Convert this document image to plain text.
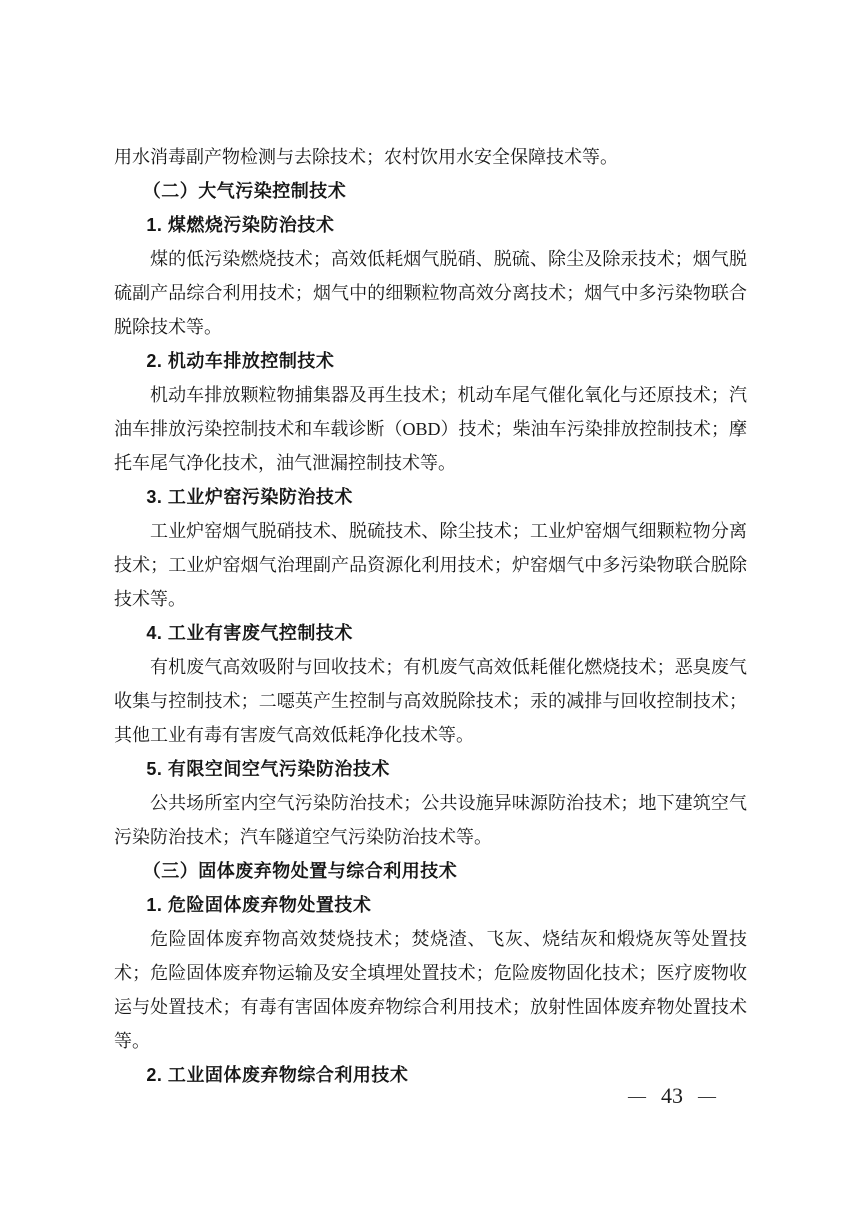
用水消毒副产物检测与去除技术；农村饮用水安全保障技术等。

（二）大气污染控制技术

1. 煤燃烧污染防治技术

煤的低污染燃烧技术；高效低耗烟气脱硝、脱硫、除尘及除汞技术；烟气脱硫副产品综合利用技术；烟气中的细颗粒物高效分离技术；烟气中多污染物联合脱除技术等。

2. 机动车排放控制技术

机动车排放颗粒物捕集器及再生技术；机动车尾气催化氧化与还原技术；汽油车排放污染控制技术和车载诊断（OBD）技术；柴油车污染排放控制技术；摩托车尾气净化技术，油气泄漏控制技术等。

3. 工业炉窑污染防治技术

工业炉窑烟气脱硝技术、脱硫技术、除尘技术；工业炉窑烟气细颗粒物分离技术；工业炉窑烟气治理副产品资源化利用技术；炉窑烟气中多污染物联合脱除技术等。

4. 工业有害废气控制技术

有机废气高效吸附与回收技术；有机废气高效低耗催化燃烧技术；恶臭废气收集与控制技术；二噁英产生控制与高效脱除技术；汞的减排与回收控制技术；其他工业有毒有害废气高效低耗净化技术等。

5. 有限空间空气污染防治技术

公共场所室内空气污染防治技术；公共设施异味源防治技术；地下建筑空气污染防治技术；汽车隧道空气污染防治技术等。

（三）固体废弃物处置与综合利用技术

1. 危险固体废弃物处置技术

危险固体废弃物高效焚烧技术；焚烧渣、飞灰、烧结灰和煅烧灰等处置技术；危险固体废弃物运输及安全填埋处置技术；危险废物固化技术；医疗废物收运与处置技术；有毒有害固体废弃物综合利用技术；放射性固体废弃物处置技术等。

2. 工业固体废弃物综合利用技术

— 43 —
